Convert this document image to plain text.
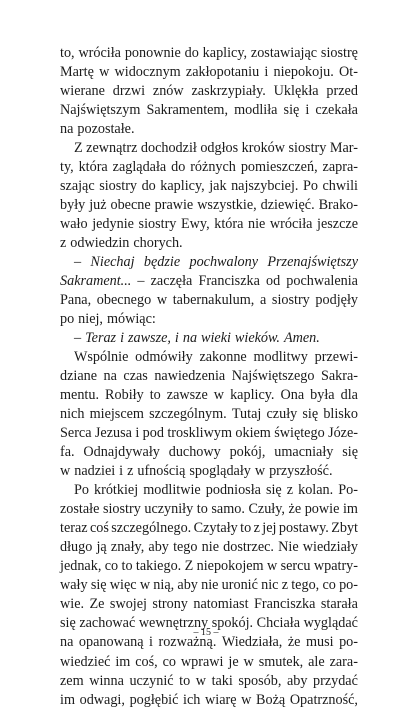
to, wróciła ponownie do kaplicy, zostawiając siostrę
Martę w widocznym zakłopotaniu i niepokoju. Ot-
wierane drzwi znów zaskrzypiały. Uklękła przed
Najświętszym Sakramentem, modliła się i czekała
na pozostałe.
Z zewnątrz dochodził odgłos kroków siostry Mar-
ty, która zaglądała do różnych pomieszczeń, zapra-
szając siostry do kaplicy, jak najszybciej. Po chwili
były już obecne prawie wszystkie, dziewięć. Brako-
wało jedynie siostry Ewy, która nie wróciła jeszcze
z odwiedzin chorych.
– Niechaj będzie pochwalony Przenajświętszy
Sakrament... – zaczęła Franciszka od pochwalenia
Pana, obecnego w tabernakulum, a siostry podjęły
po niej, mówiąc:
– Teraz i zawsze, i na wieki wieków. Amen.
Wspólnie odmówiły zakonne modlitwy przewi-
dziane na czas nawiedzenia Najświętszego Sakra-
mentu. Robiły to zawsze w kaplicy. Ona była dla
nich miejscem szczególnym. Tutaj czuły się blisko
Serca Jezusa i pod troskliwym okiem świętego Józe-
fa. Odnajdywały duchowy pokój, umacniały się
w nadziei i z ufnością spoglądały w przyszłość.
Po krótkiej modlitwie podniosła się z kolan. Po-
zostałe siostry uczyniły to samo. Czuły, że powie im
teraz coś szczególnego. Czytały to z jej postawy. Zbyt
długo ją znały, aby tego nie dostrzec. Nie wiedziały
jednak, co to takiego. Z niepokojem w sercu wpatry-
wały się więc w nią, aby nie uronić nic z tego, co po-
wie. Ze swojej strony natomiast Franciszka starała
się zachować wewnętrzny spokój. Chciała wyglądać
na opanowaną i rozważną. Wiedziała, że musi po-
wiedzieć im coś, co wprawi je w smutek, ale zara-
zem winna uczynić to w taki sposób, aby przydać
im odwagi, pogłębić ich wiarę w Bożą Opatrzność,
– 15 –
